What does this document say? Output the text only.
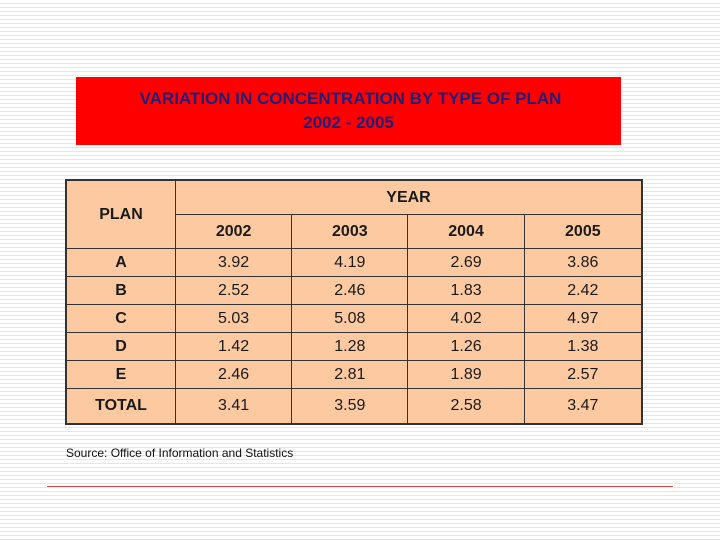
VARIATION IN CONCENTRATION BY TYPE OF PLAN
2002 - 2005
PLAN	YEAR			
	2002	2003	2004	2005
A	3.92	4.19	2.69	3.86
B	2.52	2.46	1.83	2.42
C	5.03	5.08	4.02	4.97
D	1.42	1.28	1.26	1.38
E	2.46	2.81	1.89	2.57
TOTAL	3.41	3.59	2.58	3.47
Source: Office of Information and Statistics
